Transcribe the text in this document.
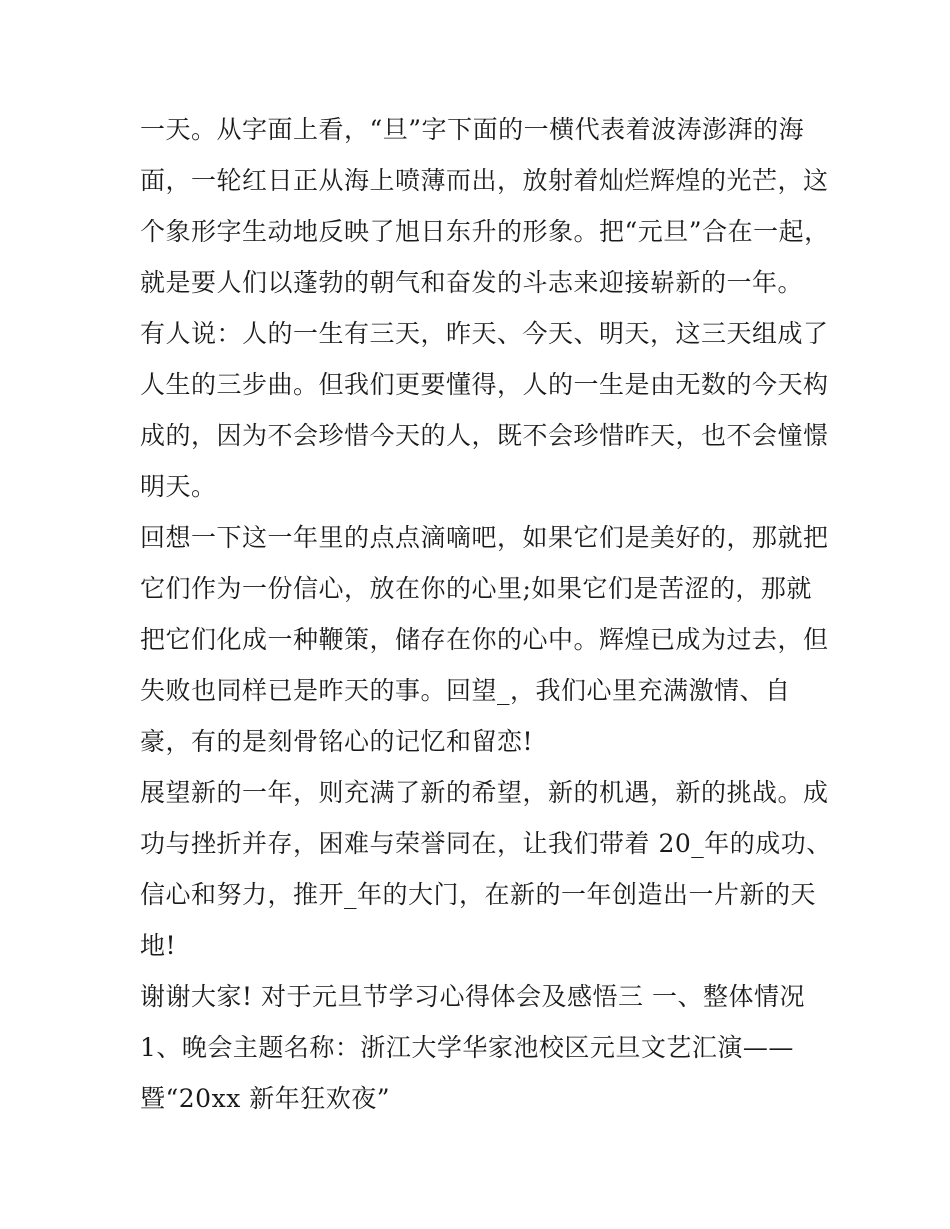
一天。从字面上看，“旦”字下面的一横代表着波涛澎湃的海
面，一轮红日正从海上喷薄而出，放射着灿烂辉煌的光芒，这
个象形字生动地反映了旭日东升的形象。把“元旦”合在一起，
就是要人们以蓬勃的朝气和奋发的斗志来迎接崭新的一年。
有人说：人的一生有三天，昨天、今天、明天，这三天组成了
人生的三步曲。但我们更要懂得，人的一生是由无数的今天构
成的，因为不会珍惜今天的人，既不会珍惜昨天，也不会憧憬
明天。
回想一下这一年里的点点滴嘀吧，如果它们是美好的，那就把
它们作为一份信心，放在你的心里;如果它们是苦涩的，那就
把它们化成一种鞭策，储存在你的心中。辉煌已成为过去，但
失败也同样已是昨天的事。回望_，我们心里充满激情、自
豪，有的是刻骨铭心的记忆和留恋!
展望新的一年，则充满了新的希望，新的机遇，新的挑战。成
功与挫折并存，困难与荣誉同在，让我们带着 20_年的成功、
信心和努力，推开_年的大门，在新的一年创造出一片新的天
地!
谢谢大家! 对于元旦节学习心得体会及感悟三 一、整体情况
1、晚会主题名称：浙江大学华家池校区元旦文艺汇演——
暨“20xx 新年狂欢夜”
